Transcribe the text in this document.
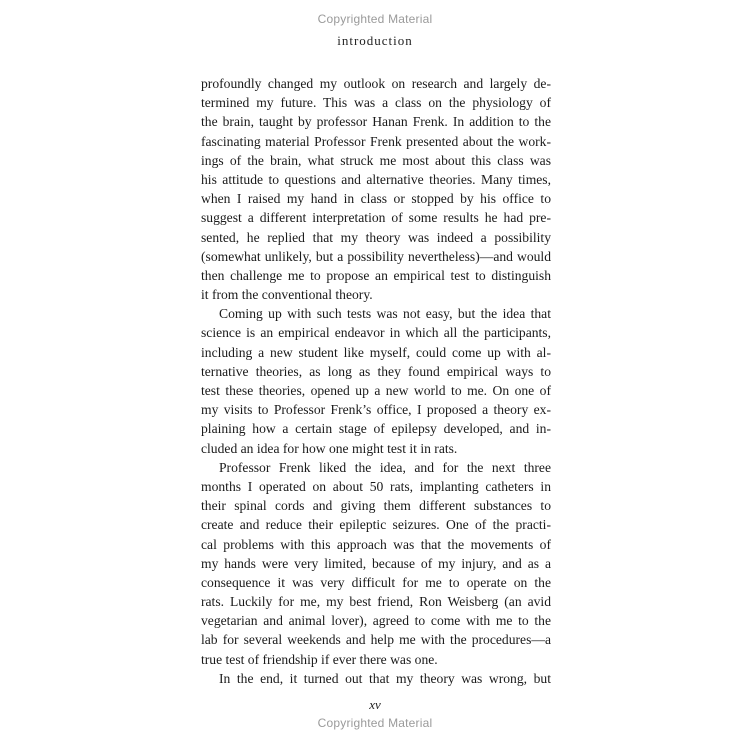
Copyrighted Material
introduction
profoundly changed my outlook on research and largely de-
termined my future. This was a class on the physiology of
the brain, taught by professor Hanan Frenk. In addition to the
fascinating material Professor Frenk presented about the work-
ings of the brain, what struck me most about this class was
his attitude to questions and alternative theories. Many times,
when I raised my hand in class or stopped by his office to
suggest a different interpretation of some results he had pre-
sented, he replied that my theory was indeed a possibility
(somewhat unlikely, but a possibility nevertheless)—and would
then challenge me to propose an empirical test to distinguish
it from the conventional theory.
Coming up with such tests was not easy, but the idea that
science is an empirical endeavor in which all the participants,
including a new student like myself, could come up with al-
ternative theories, as long as they found empirical ways to
test these theories, opened up a new world to me. On one of
my visits to Professor Frenk’s office, I proposed a theory ex-
plaining how a certain stage of epilepsy developed, and in-
cluded an idea for how one might test it in rats.
Professor Frenk liked the idea, and for the next three
months I operated on about 50 rats, implanting catheters in
their spinal cords and giving them different substances to
create and reduce their epileptic seizures. One of the practi-
cal problems with this approach was that the movements of
my hands were very limited, because of my injury, and as a
consequence it was very difficult for me to operate on the
rats. Luckily for me, my best friend, Ron Weisberg (an avid
vegetarian and animal lover), agreed to come with me to the
lab for several weekends and help me with the procedures—a
true test of friendship if ever there was one.
In the end, it turned out that my theory was wrong, but
xv
Copyrighted Material
